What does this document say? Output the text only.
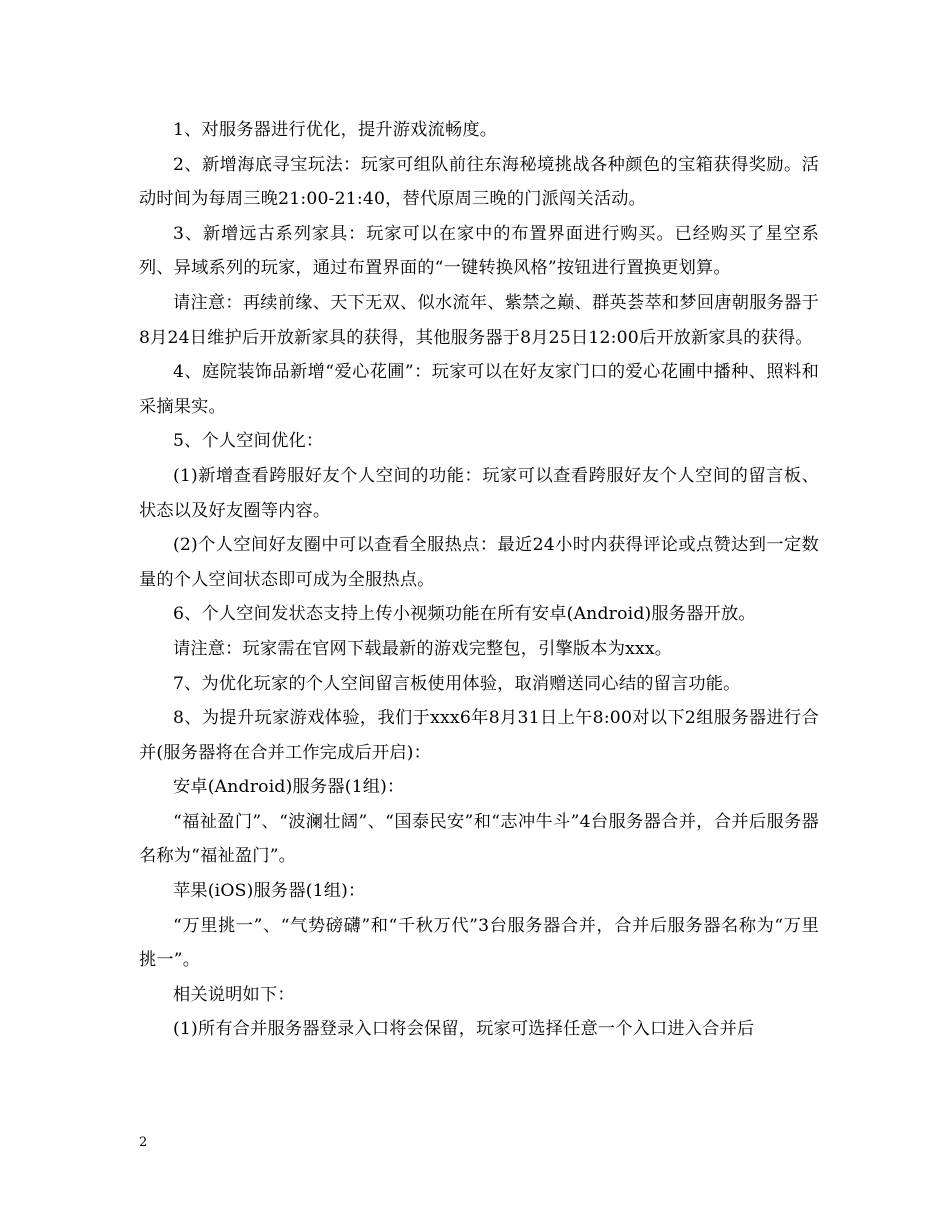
1、对服务器进行优化，提升游戏流畅度。

2、新增海底寻宝玩法：玩家可组队前往东海秘境挑战各种颜色的宝箱获得奖励。活动时间为每周三晚21:00-21:40，替代原周三晚的门派闯关活动。

3、新增远古系列家具：玩家可以在家中的布置界面进行购买。已经购买了星空系列、异域系列的玩家，通过布置界面的“一键转换风格”按钮进行置换更划算。

请注意：再续前缘、天下无双、似水流年、紫禁之巅、群英荟萃和梦回唐朝服务器于8月24日维护后开放新家具的获得，其他服务器于8月25日12:00后开放新家具的获得。

4、庭院装饰品新增“爱心花圃”：玩家可以在好友家门口的爱心花圃中播种、照料和采摘果实。

5、个人空间优化：

(1)新增查看跨服好友个人空间的功能：玩家可以查看跨服好友个人空间的留言板、状态以及好友圈等内容。

(2)个人空间好友圈中可以查看全服热点：最近24小时内获得评论或点赞达到一定数量的个人空间状态即可成为全服热点。

6、个人空间发状态支持上传小视频功能在所有安卓(Android)服务器开放。

请注意：玩家需在官网下载最新的游戏完整包，引擎版本为xxx。

7、为优化玩家的个人空间留言板使用体验，取消赠送同心结的留言功能。

8、为提升玩家游戏体验，我们于xxx6年8月31日上午8:00对以下2组服务器进行合并(服务器将在合并工作完成后开启)：

安卓(Android)服务器(1组)：

“福祉盈门”、“波澜壮阔”、“国泰民安”和“志冲牛斗”4台服务器合并，合并后服务器名称为“福祉盈门”。

苹果(iOS)服务器(1组)：

“万里挑一”、“气势磅礴”和“千秋万代”3台服务器合并，合并后服务器名称为“万里挑一”。

相关说明如下：

(1)所有合并服务器登录入口将会保留，玩家可选择任意一个入口进入合并后

2
